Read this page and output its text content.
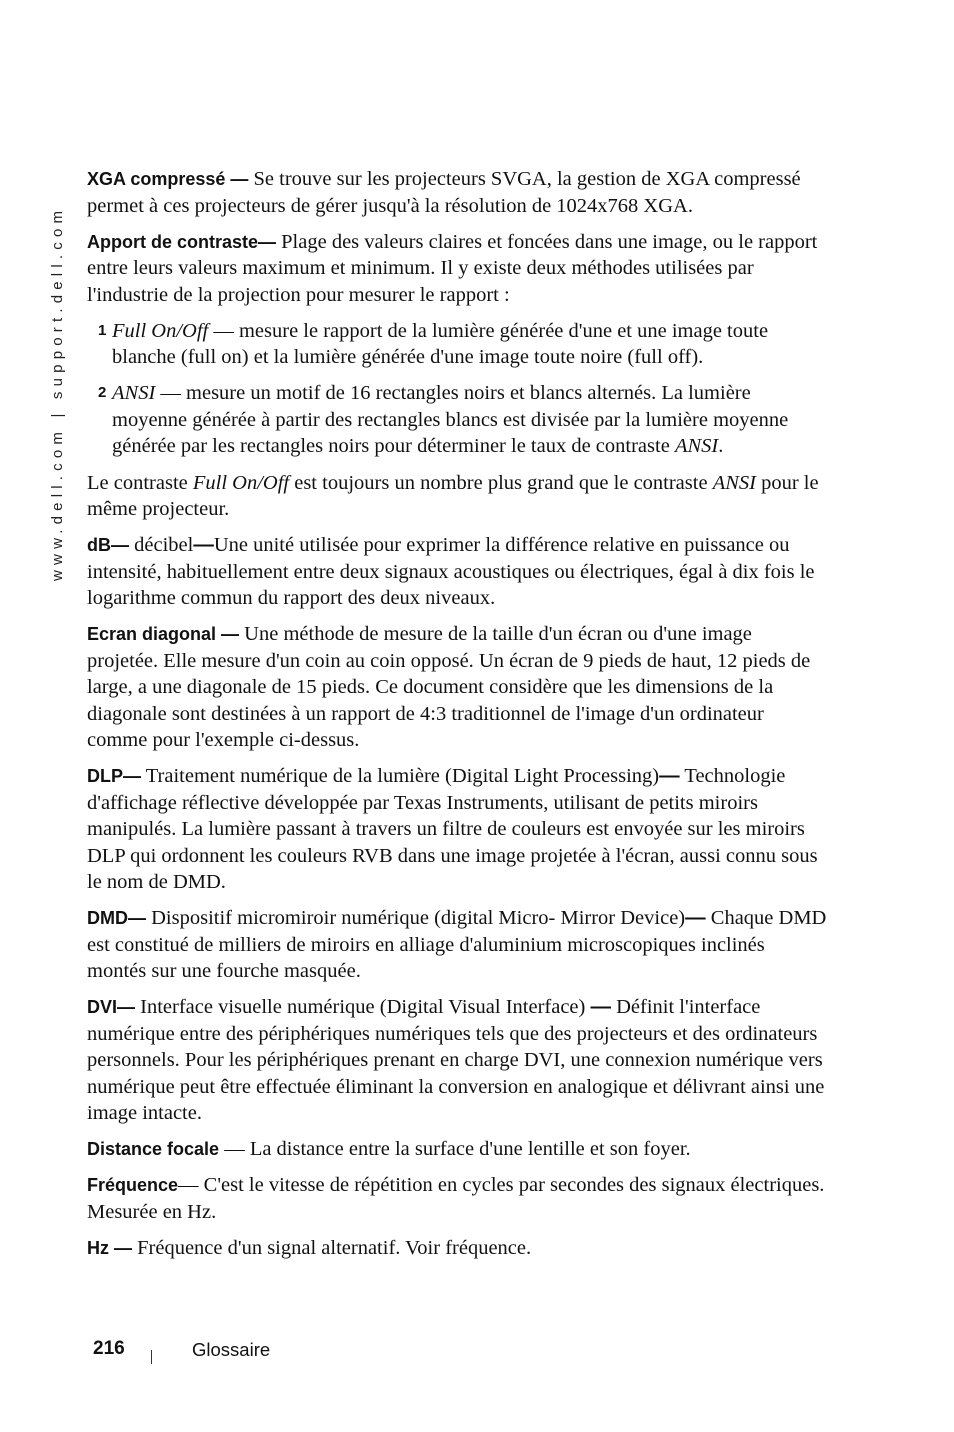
www.dell.com | support.dell.com

XGA compressé — Se trouve sur les projecteurs SVGA, la gestion de XGA compressé permet à ces projecteurs de gérer jusqu'à la résolution de 1024x768 XGA.

Apport de contraste— Plage des valeurs claires et foncées dans une image, ou le rapport entre leurs valeurs maximum et minimum. Il y existe deux méthodes utilisées par l'industrie de la projection pour mesurer le rapport :

1 Full On/Off — mesure le rapport de la lumière générée d'une et une image toute blanche (full on) et la lumière générée d'une image toute noire (full off).
2 ANSI — mesure un motif de 16 rectangles noirs et blancs alternés. La lumière moyenne générée à partir des rectangles blancs est divisée par la lumière moyenne générée par les rectangles noirs pour déterminer le taux de contraste ANSI.

Le contraste Full On/Off est toujours un nombre plus grand que le contraste ANSI pour le même projecteur.

dB— décibel—Une unité utilisée pour exprimer la différence relative en puissance ou intensité, habituellement entre deux signaux acoustiques ou électriques, égal à dix fois le logarithme commun du rapport des deux niveaux.

Ecran diagonal — Une méthode de mesure de la taille d'un écran ou d'une image projetée. Elle mesure d'un coin au coin opposé. Un écran de 9 pieds de haut, 12 pieds de large, a une diagonale de 15 pieds. Ce document considère que les dimensions de la diagonale sont destinées à un rapport de 4:3 traditionnel de l'image d'un ordinateur comme pour l'exemple ci-dessus.

DLP— Traitement numérique de la lumière (Digital Light Processing)— Technologie d'affichage réflective développée par Texas Instruments, utilisant de petits miroirs manipulés. La lumière passant à travers un filtre de couleurs est envoyée sur les miroirs DLP qui ordonnent les couleurs RVB dans une image projetée à l'écran, aussi connu sous le nom de DMD.

DMD— Dispositif micromiroir numérique (digital Micro- Mirror Device)— Chaque DMD est constitué de milliers de miroirs en alliage d'aluminium microscopiques inclinés montés sur une fourche masquée.

DVI— Interface visuelle numérique (Digital Visual Interface) — Définit l'interface numérique entre des périphériques numériques tels que des projecteurs et des ordinateurs personnels. Pour les périphériques prenant en charge DVI, une connexion numérique vers numérique peut être effectuée éliminant la conversion en analogique et délivrant ainsi une image intacte.

Distance focale — La distance entre la surface d'une lentille et son foyer.

Fréquence— C'est le vitesse de répétition en cycles par secondes des signaux électriques. Mesurée en Hz.

Hz — Fréquence d'un signal alternatif. Voir fréquence.

216	Glossaire
